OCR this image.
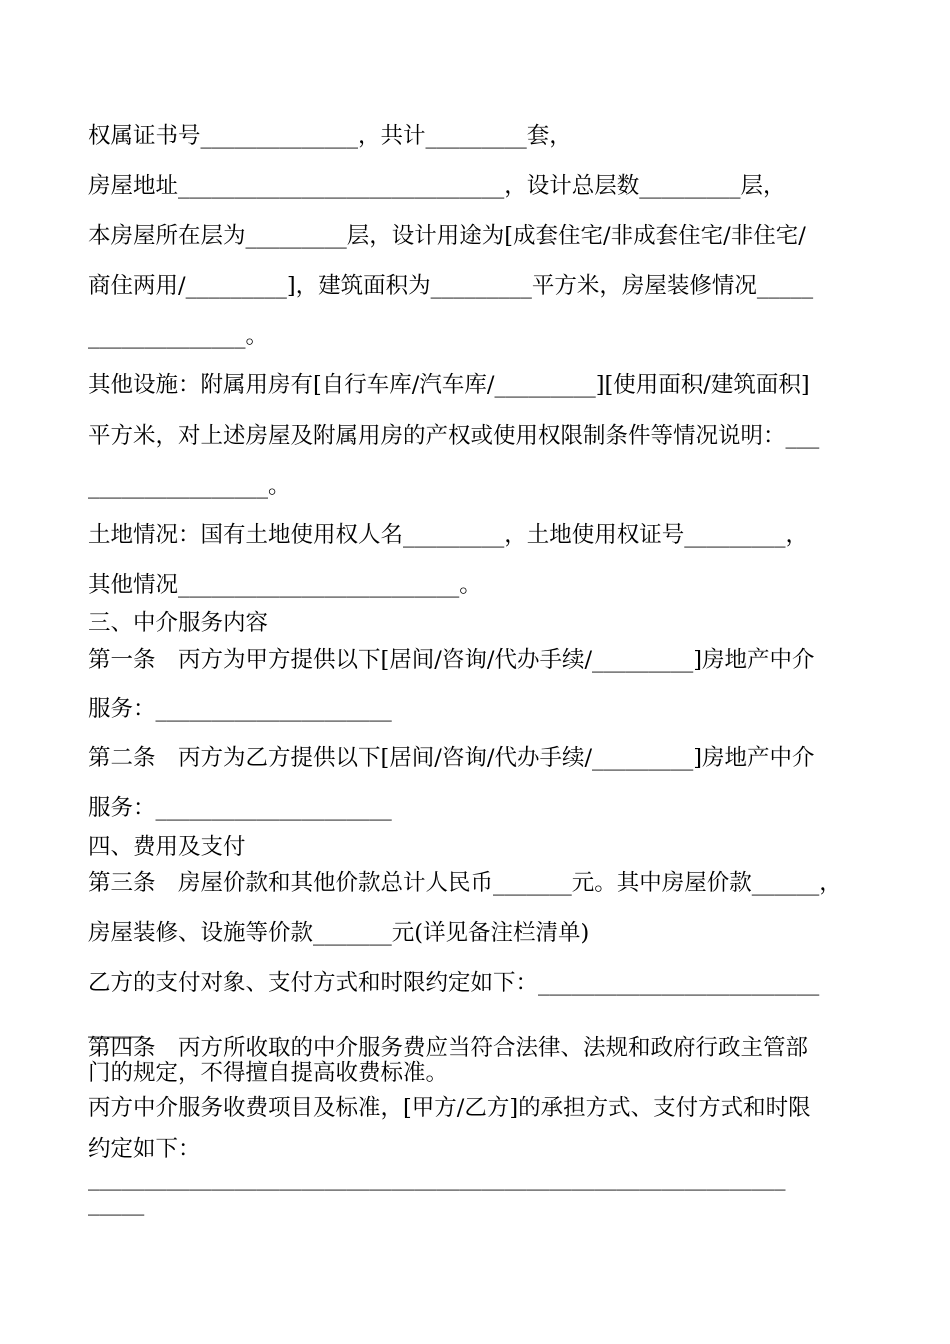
权属证书号______________，共计_________套，

房屋地址_____________________________，设计总层数_________层，

本房屋所在层为_________层，设计用途为[成套住宅/非成套住宅/非住宅/

商住两用/_________]，建筑面积为_________平方米，房屋装修情况_____

______________。

其他设施：附属用房有[自行车库/汽车库/_________][使用面积/建筑面积]

平方米，对上述房屋及附属用房的产权或使用权限制条件等情况说明：___

________________。

土地情况：国有土地使用权人名_________，土地使用权证号_________，

其他情况_________________________。

三、中介服务内容

第一条　丙方为甲方提供以下[居间/咨询/代办手续/_________]房地产中介

服务：_____________________

第二条　丙方为乙方提供以下[居间/咨询/代办手续/_________]房地产中介

服务：_____________________

四、费用及支付

第三条　房屋价款和其他价款总计人民币_______元。其中房屋价款______，

房屋装修、设施等价款_______元(详见备注栏清单)

乙方的支付对象、支付方式和时限约定如下：_________________________

_____

第四条　丙方所收取的中介服务费应当符合法律、法规和政府行政主管部

门的规定，不得擅自提高收费标准。

丙方中介服务收费项目及标准，[甲方/乙方]的承担方式、支付方式和时限

约定如下：

______________________________________________________________

_____
